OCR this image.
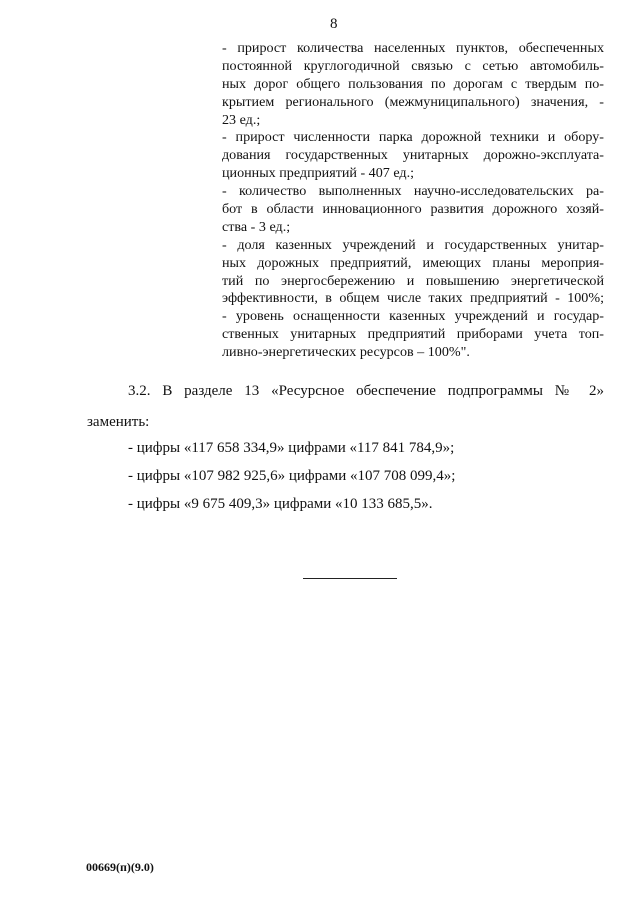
8
- прирост количества населенных пунктов, обеспеченных
постоянной круглогодичной связью с сетью автомобиль-
ных дорог общего пользования по дорогам с твердым по-
крытием регионального (межмуниципального) значения, -
23 ед.;
- прирост численности парка дорожной техники и обору-
дования государственных унитарных дорожно-эксплуата-
ционных предприятий - 407 ед.;
- количество выполненных научно-исследовательских ра-
бот в области инновационного развития дорожного хозяй-
ства - 3 ед.;
- доля казенных учреждений и государственных унитар-
ных дорожных предприятий, имеющих планы мероприя-
тий по энергосбережению и повышению энергетической
эффективности, в общем числе таких предприятий - 100%;
- уровень оснащенности казенных учреждений и государ-
ственных унитарных предприятий приборами учета топ-
ливно-энергетических ресурсов – 100%".
3.2. В разделе 13 «Ресурсное обеспечение подпрограммы № 2»
заменить:
- цифры «117 658 334,9» цифрами «117 841 784,9»;
- цифры «107 982 925,6» цифрами «107 708 099,4»;
- цифры «9 675 409,3» цифрами «10 133 685,5».
00669(п)(9.0)
